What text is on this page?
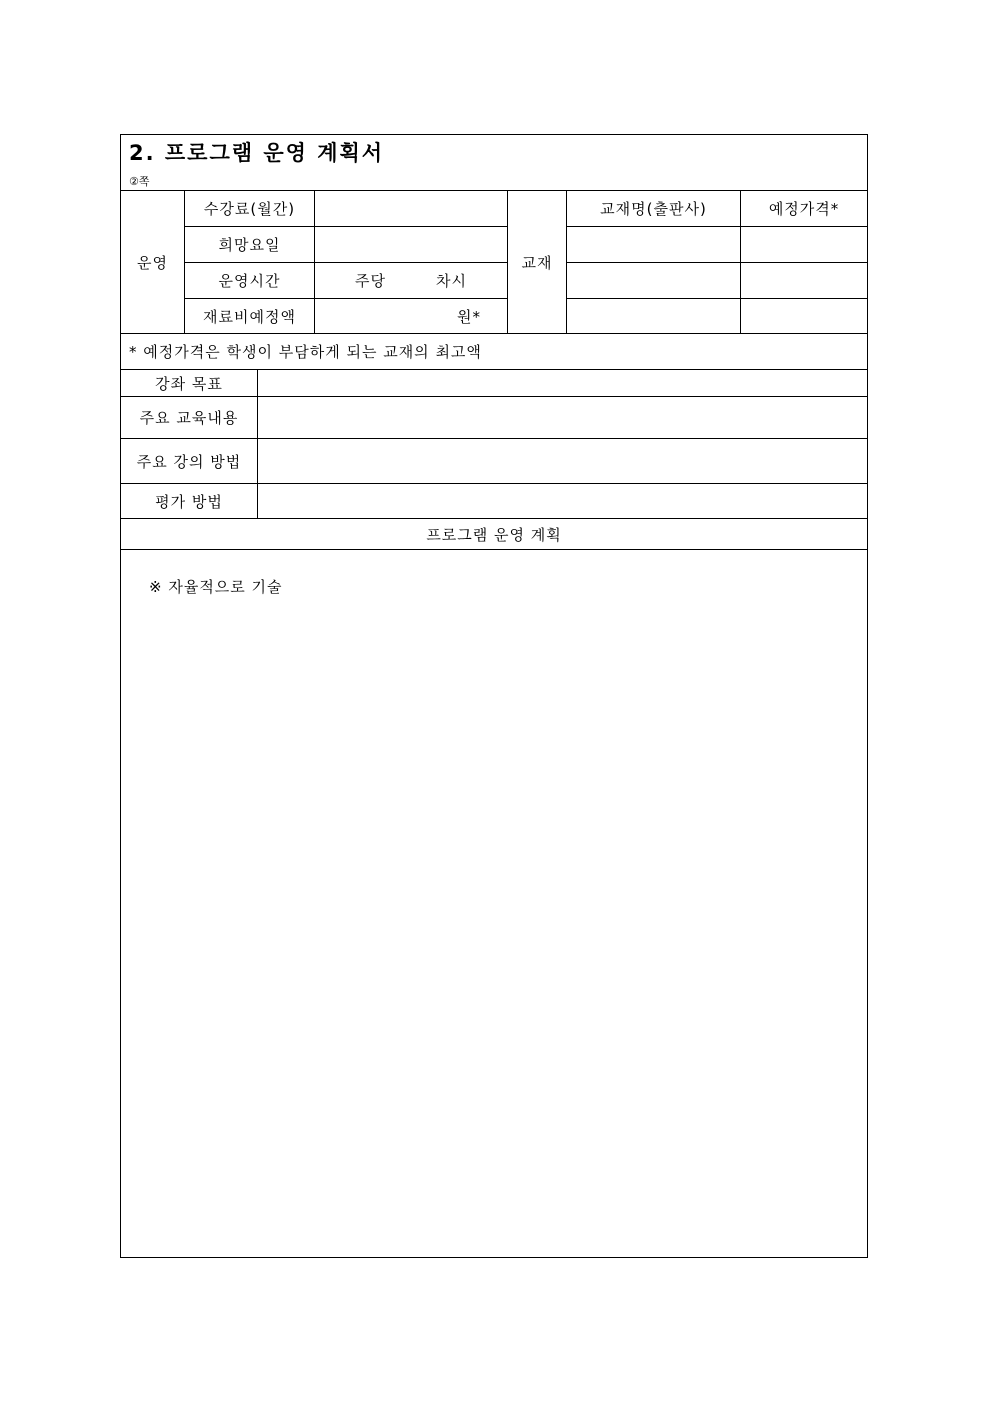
2. 프로그램 운영 계획서
②쪽						

운영	수강료(월간)			교재	교재명(출판사)	예정가격*
	희망요일					
	운영시간		주당 차시			

	재료비예정액		원*			

* 예정가격은 학생이 부담하게 되는 교재의 최고액						
강좌 목표						
주요 교육내용						
주요 강의 방법						
평가 방법						
프로그램 운영 계획						
※ 자율적으로 기술						
